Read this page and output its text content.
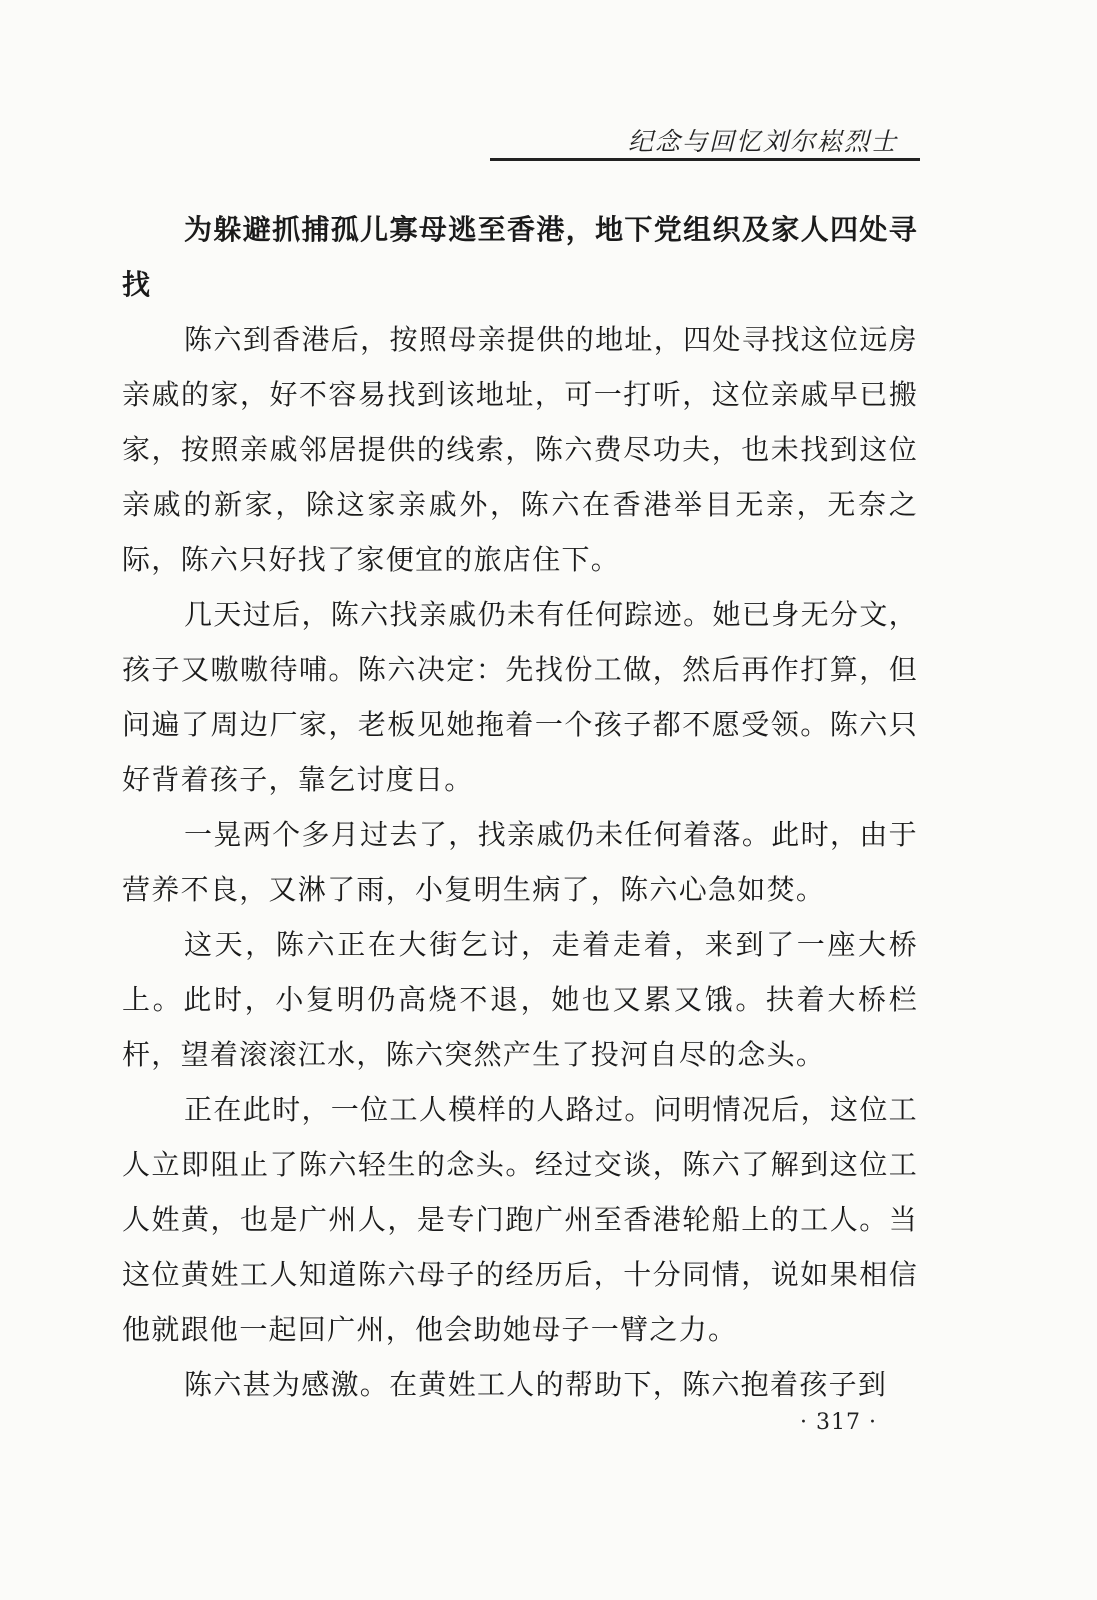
纪念与回忆刘尔崧烈士

为躲避抓捕孤儿寡母逃至香港，地下党组织及家人四处寻找

陈六到香港后，按照母亲提供的地址，四处寻找这位远房亲戚的家，好不容易找到该地址，可一打听，这位亲戚早已搬家，按照亲戚邻居提供的线索，陈六费尽功夫，也未找到这位亲戚的新家，除这家亲戚外，陈六在香港举目无亲，无奈之际，陈六只好找了家便宜的旅店住下。

几天过后，陈六找亲戚仍未有任何踪迹。她已身无分文，孩子又嗷嗷待哺。陈六决定：先找份工做，然后再作打算，但问遍了周边厂家，老板见她拖着一个孩子都不愿受领。陈六只好背着孩子，靠乞讨度日。

一晃两个多月过去了，找亲戚仍未任何着落。此时，由于营养不良，又淋了雨，小复明生病了，陈六心急如焚。

这天，陈六正在大街乞讨，走着走着，来到了一座大桥上。此时，小复明仍高烧不退，她也又累又饿。扶着大桥栏杆，望着滚滚江水，陈六突然产生了投河自尽的念头。

正在此时，一位工人模样的人路过。问明情况后，这位工人立即阻止了陈六轻生的念头。经过交谈，陈六了解到这位工人姓黄，也是广州人，是专门跑广州至香港轮船上的工人。当这位黄姓工人知道陈六母子的经历后，十分同情，说如果相信他就跟他一起回广州，他会助她母子一臂之力。

陈六甚为感激。在黄姓工人的帮助下，陈六抱着孩子到

· 317 ·
